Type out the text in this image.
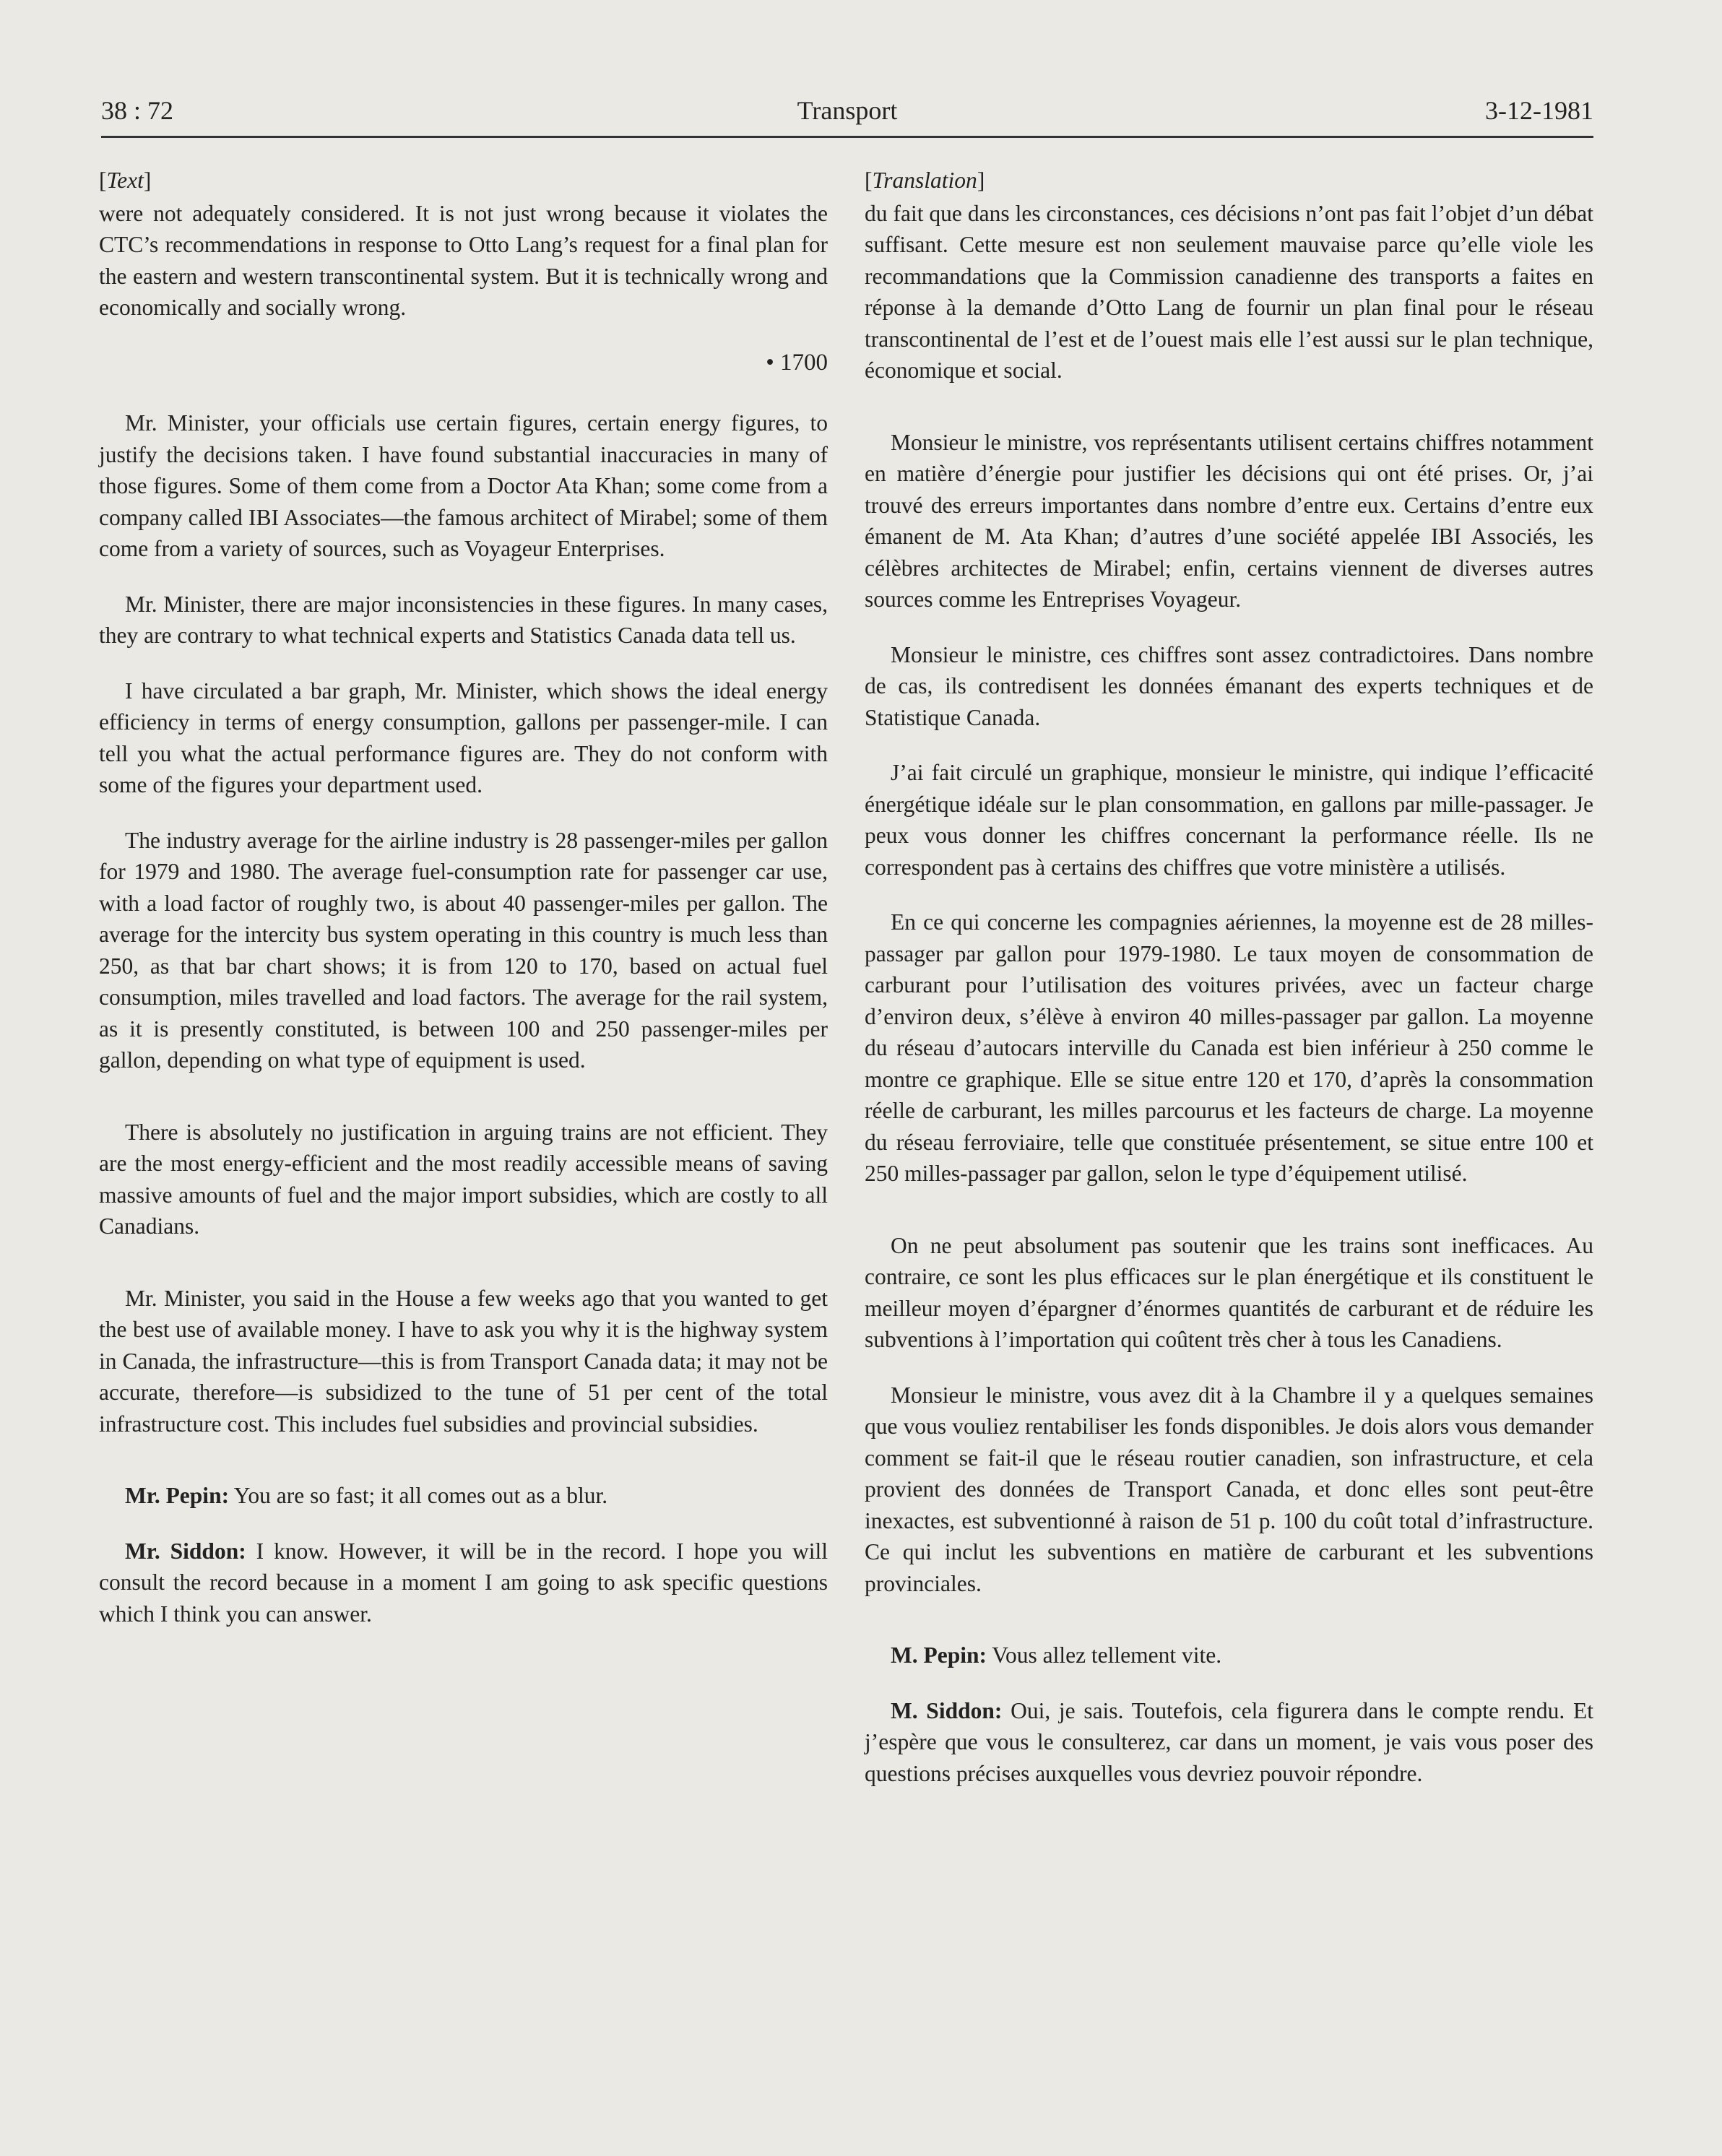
38 : 72	Transport	3-12-1981
[Text]

were not adequately considered. It is not just wrong because it violates the CTC’s recommendations in response to Otto Lang’s request for a final plan for the eastern and western transcontinental system. But it is technically wrong and economically and socially wrong.

• 1700

Mr. Minister, your officials use certain figures, certain energy figures, to justify the decisions taken. I have found substantial inaccuracies in many of those figures. Some of them come from a Doctor Ata Khan; some come from a company called IBI Associates—the famous architect of Mirabel; some of them come from a variety of sources, such as Voyageur Enterprises.

Mr. Minister, there are major inconsistencies in these figures. In many cases, they are contrary to what technical experts and Statistics Canada data tell us.

I have circulated a bar graph, Mr. Minister, which shows the ideal energy efficiency in terms of energy consumption, gallons per passenger-mile. I can tell you what the actual performance figures are. They do not conform with some of the figures your department used.

The industry average for the airline industry is 28 passenger-miles per gallon for 1979 and 1980. The average fuel-consumption rate for passenger car use, with a load factor of roughly two, is about 40 passenger-miles per gallon. The average for the intercity bus system operating in this country is much less than 250, as that bar chart shows; it is from 120 to 170, based on actual fuel consumption, miles travelled and load factors. The average for the rail system, as it is presently constituted, is between 100 and 250 passenger-miles per gallon, depending on what type of equipment is used.

There is absolutely no justification in arguing trains are not efficient. They are the most energy-efficient and the most readily accessible means of saving massive amounts of fuel and the major import subsidies, which are costly to all Canadians.

Mr. Minister, you said in the House a few weeks ago that you wanted to get the best use of available money. I have to ask you why it is the highway system in Canada, the infrastructure—this is from Transport Canada data; it may not be accurate, therefore—is subsidized to the tune of 51 per cent of the total infrastructure cost. This includes fuel subsidies and provincial subsidies.

Mr. Pepin: You are so fast; it all comes out as a blur.

Mr. Siddon: I know. However, it will be in the record. I hope you will consult the record because in a moment I am going to ask specific questions which I think you can answer.

[Translation]

du fait que dans les circonstances, ces décisions n’ont pas fait l’objet d’un débat suffisant. Cette mesure est non seulement mauvaise parce qu’elle viole les recommandations que la Commission canadienne des transports a faites en réponse à la demande d’Otto Lang de fournir un plan final pour le réseau transcontinental de l’est et de l’ouest mais elle l’est aussi sur le plan technique, économique et social.

Monsieur le ministre, vos représentants utilisent certains chiffres notamment en matière d’énergie pour justifier les décisions qui ont été prises. Or, j’ai trouvé des erreurs importantes dans nombre d’entre eux. Certains d’entre eux émanent de M. Ata Khan; d’autres d’une société appelée IBI Associés, les célèbres architectes de Mirabel; enfin, certains viennent de diverses autres sources comme les Entreprises Voyageur.

Monsieur le ministre, ces chiffres sont assez contradictoires. Dans nombre de cas, ils contredisent les données émanant des experts techniques et de Statistique Canada.

J’ai fait circulé un graphique, monsieur le ministre, qui indique l’efficacité énergétique idéale sur le plan consommation, en gallons par mille-passager. Je peux vous donner les chiffres concernant la performance réelle. Ils ne correspondent pas à certains des chiffres que votre ministère a utilisés.

En ce qui concerne les compagnies aériennes, la moyenne est de 28 milles-passager par gallon pour 1979-1980. Le taux moyen de consommation de carburant pour l’utilisation des voitures privées, avec un facteur charge d’environ deux, s’élève à environ 40 milles-passager par gallon. La moyenne du réseau d’autocars interville du Canada est bien inférieur à 250 comme le montre ce graphique. Elle se situe entre 120 et 170, d’après la consommation réelle de carburant, les milles parcourus et les facteurs de charge. La moyenne du réseau ferroviaire, telle que constituée présentement, se situe entre 100 et 250 milles-passager par gallon, selon le type d’équipement utilisé.

On ne peut absolument pas soutenir que les trains sont inefficaces. Au contraire, ce sont les plus efficaces sur le plan énergétique et ils constituent le meilleur moyen d’épargner d’énormes quantités de carburant et de réduire les subventions à l’importation qui coûtent très cher à tous les Canadiens.

Monsieur le ministre, vous avez dit à la Chambre il y a quelques semaines que vous vouliez rentabiliser les fonds disponibles. Je dois alors vous demander comment se fait-il que le réseau routier canadien, son infrastructure, et cela provient des données de Transport Canada, et donc elles sont peut-être inexactes, est subventionné à raison de 51 p. 100 du coût total d’infrastructure. Ce qui inclut les subventions en matière de carburant et les subventions provinciales.

M. Pepin: Vous allez tellement vite.

M. Siddon: Oui, je sais. Toutefois, cela figurera dans le compte rendu. Et j’espère que vous le consulterez, car dans un moment, je vais vous poser des questions précises auxquelles vous devriez pouvoir répondre.
